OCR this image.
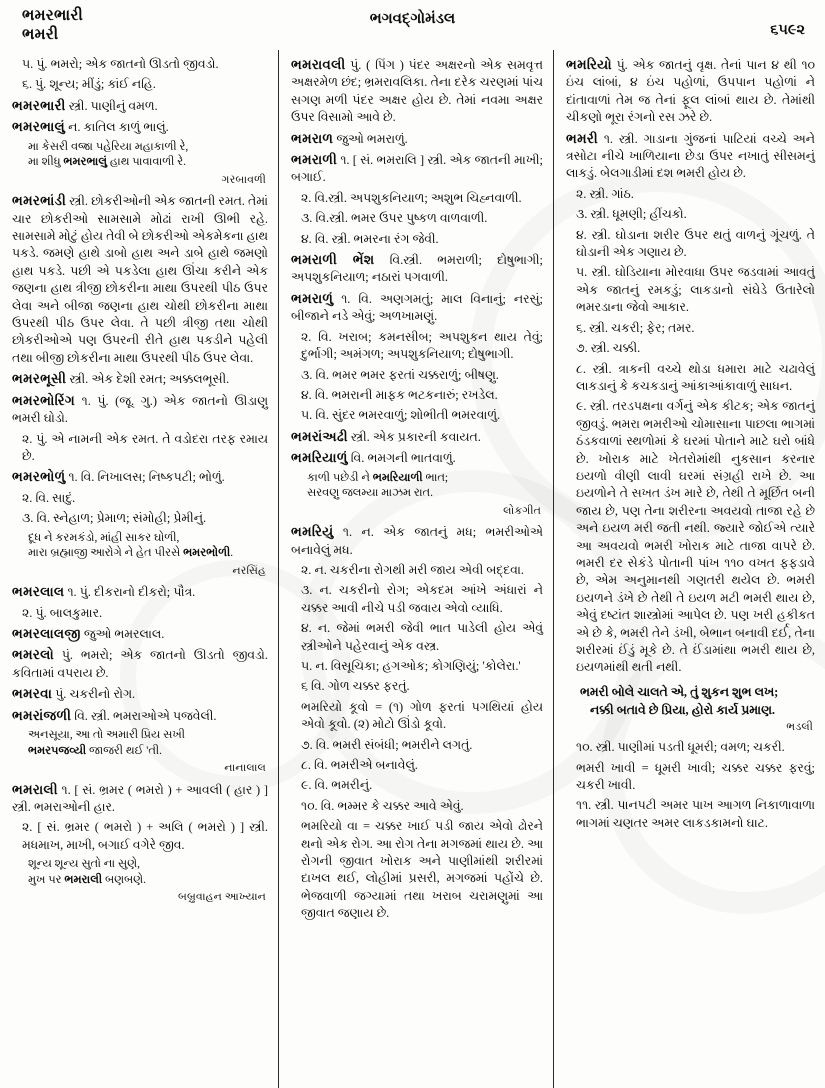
ભમરભારી
ભમરી
ભગવદ્‌ગોમંડલ
૬૫૯૨

૫. પું. ભમરો; એક જાતનો ઊડતો જીવડો.

૬. પું. શૂન્ય; મીંડું; કાંઈ નહિ.

ભમરભારી સ્ત્રી. પાણીનું વમળ.

ભમરભાલું ન. કાતિલ કાળું ભાલું.

મા કેસરી વજ્રા પહેરિયા મહાકાળી રે,
મા શીધુ ભમરભાલું હાથ પાવાવાળી રે.
ગરબાવળી

ભમરભાંડી સ્ત્રી. છોકરીઓની એક જાતની રમત. તેમાં ચાર છોકરીઓ સામસામે મોઢાં રાખી ઊભી રહે. સામસામે મોટું હોય તેવી બે છોકરીઓ એકમેકના હાથ પકડે. જમણે હાથે ડાબો હાથ અને ડાબે હાથે જમણો હાથ પકડે. પછી એ પકડેલા હાથ ઊંચા કરીને એક જણના હાથ ત્રીજી છોકરીના માથા ઉપરથી પીઠ ઉપર લેવા અને બીજા જણના હાથ ચોથી છોકરીના માથા ઉપરથી પીઠ ઉપર લેવા. તે પછી ત્રીજી તથા ચોથી છોકરીઓએ પણ ઉપરની રીતે હાથ પકડીને પહેલી તથા બીજી છોકરીના માથા ઉપરથી પીઠ ઉપર લેવા.

ભમરભૂસી સ્ત્રી. એક દેશી રમત; અક્કલભૂસી.

ભમરભોરિંગ ૧. પું. (જૂ. ગુ.) એક જાતનો ઊડાણુ ભમરી ઘોડો.

૨. પું. એ નામની એક રમત. તે વડોદરા તરફ રમાય છે.

ભમરભોળું ૧. વિ. નિખાલસ; નિષ્કપટી; ભોળું.

૨. વિ. સાદું.

૩. વિ. સ્નેહાળ; પ્રેમાળ; સંમોહી; પ્રેમીનું.

દૂધ ને કરમકંડો, માંહી સાકર ઘોળી,
મારા બ્રહ્માજી આરોગે ને હેત પીરસે ભમરભોળી.
નરસિંહ

ભમરલાલ ૧. પું. દીકરાનો દીકરો; પૌત્ર.

૨. પું. બાલકુમાર.

ભમરલાલજી જુઓ ભમરલાલ.

ભમરલો પું. ભમરો; એક જાતનો ઊડતો જીવડો. કવિતામાં વપરાય છે.

ભમરવા પું. ચકરીનો રોગ.

ભમરાંજળી વિ. સ્ત્રી. ભમરાઓએ પજવેલી.

અનસૂયા, આ તો અમારી પ્રિય સખી
ભમરપજવ્યી જાજરી થઈ 'તી.
નાનાલાલ

ભમરાલી ૧. [ સં. ભ્રમર ( ભમરો ) + આવલી ( હાર ) ] સ્ત્રી. ભમરાઓની હાર.

૨. [ સં. ભ્રમર ( ભમરો ) + અલિ ( ભમરો ) ] સ્ત્રી. મધમાખ, માખી, બગાઈ વગેરે જીવ.

શૂન્ય શૂન્ય સુતો ના સુણે,
મુખ પર ભમરાલી બણબણે.
બબ્રુવાહન આખ્યાન

ભમરાવલી પું. ( પિંગ ) પંદર અક્ષરનો એક સમવૃત્ત અક્ષરમેળ છંદ; ભ્રમરાવલિકા. તેના દરેક ચરણમાં પાંચ સગણ મળી પંદર અક્ષર હોય છે. તેમાં નવમા અક્ષર ઉપર વિસામો આવે છે.

ભમરાળ જુઓ ભમરાળું.

ભમરાળી ૧. [ સં. ભમરાલિ ] સ્ત્રી. એક જાતની માખી; બગાઈ.

૨. વિ.સ્ત્રી. અપશુકનિયાળ; અશુભ ચિહ્નવાળી.

૩. વિ.સ્ત્રી. ભમર ઉપર પુષ્કળ વાળવાળી.

૪. વિ. સ્ત્રી. ભમરના રંગ જેવી.

ભમરાળી ભેંશ વિ.સ્ત્રી. ભમરાળી; દોષુભાગી; અપશુકનિયાળ; નઠારાં પગવાળી.

ભમરાળું ૧. વિ. અણગમતું; માલ વિનાનું; નરસું; બીજાને નડે એવું; અળખામણું.

૨. વિ. ખરાબ; કમનસીબ; અપશુકન થાય તેવું; દુર્ભાગી; અમંગળ; અપશુકનિયાળ; દોષુભાગી.

૩. વિ. ભમર ભમર ફરતાં ચક્કરાળું; બીષણુ.

૪. વિ. ભમરાની માફક ભટકનારું; રખડેલ.

૫. વિ. સુંદર ભમરવાળું; શોભીતી ભમરવાળું.

ભમરાંઅઢી સ્ત્રી. એક પ્રકારની કવાયત.

ભમરિયાળું વિ. ભમગની ભાતવાળું.

કાળી પછેડી ને ભમરિયાળી ભાત;
સરવણુ જલમ્યા માઝમ રાત.
લોકગીત

ભમરિયું ૧. ન. એક જાતનું મધ; ભમરીઓએ બનાવેલું મધ.

૨. ન. ચકરીના રોગથી મરી જાય એવી બદ્દવા.

૩. ન. ચકરીનો રોગ; એકદમ આંખે અંધારાં ને ચક્કર આવી નીચે પડી જવાય એવો વ્યાધિ.

૪. ન. જેમાં ભમરી જેવી ભાત પાડેલી હોય એવું સ્ત્રીઓને પહેરવાનું એક વસ્ત્ર.

૫. ન. વિસૂચિકા; હગઓક; કોગણિયું; 'કોલેરા.'

૬ વિ. ગોળ ચક્કર ફરતું.

ભમરિયો કૂવો = (૧) ગોળ ફરતાં પગથિયાં હોય એવો કૂવો. (૨) મોટો ઊંડો કૂવો.

૭. વિ. ભમરી સંબંધી; ભમરીને લગતું.

૮. વિ. ભમરીએ બનાવેલું.

૯. વિ. ભમરીનું.

૧૦. વિ. ભમ્મર કે ચક્કર આવે એવું.

ભમરિયો વા = ચક્કર ખાઈ પડી જાય એવો ઢોરને થનો એક રોગ. આ રોગ તેના મગજમાં થાય છે. આ રોગની જીવાત ખોરાક અને પાણીમાંથી શરીરમાં દાખલ થઈ, લોહીમાં પ્રસરી, મગજમાં પહોંચે છે. ભેજવાળી જગ્યામાં તથા ખરાબ ચરામણુમાં આ જીવાત જણાય છે.

ભમરિયો પું. એક જાતનું વૃક્ષ. તેનાં પાન ૪ થી ૧૦ ઇંચ લાંબાં, ૪ ઇંચ પહોળાં, ઉપપાન પહોળાં ને દાંતાવાળાં તેમ જ તેનાં ફૂલ લાંબાં થાય છે. તેમાંથી ચીકણો ભૂરા રંગનો રસ ઝરે છે.

ભમરી ૧. સ્ત્રી. ગાડાના ગુંજનાં પાટિયાં વચ્ચે અને ત્રસોટા નીચે ખાળિયાના છેડા ઉપર નખાતું સીસમનું લાકડું. બેલગાડીમાં દશ ભમરી હોય છે.

૨. સ્ત્રી. ગાંઠ.

૩. સ્ત્રી. ધૂમણી; હીંચકો.

૪. સ્ત્રી. ઘોડાના શરીર ઉપર થતું વાળનું ગૂંચળું. તે ઘોડાની એક ગણાય છે.

૫. સ્ત્રી. ઘોડિયાના મોરવાધા ઉપર જડવામાં આવતું એક જાતનું રમકડું; લાકડાનો સંઘેડે ઉતારેલો ભમરડાના જેવો આકાર.

૬. સ્ત્રી. ચકરી; ફેર; તમર.

૭. સ્ત્રી. ચક્કી.

૮. સ્ત્રી. ત્રાકની વચ્ચે થોડા ધમારા માટે ચઢાવેલું લાકડાનું કે કચકડાનું આંકાઆંકાવાળું સાધન.

૯. સ્ત્રી. તરડપક્ષના વર્ગનું એક કીટક; એક જાતનું જીવડું. ભમરા ભમરીઓ ચોમાસાના પાછલા ભાગમાં ઠંડકવાળાં સ્થળોમાં કે ઘરમાં પોતાને માટે ઘરો બાંધે છે. ખોરાક માટે ખેતરોમાંથી નુકસાન કરનાર ઇયળો વીણી લાવી ઘરમાં સંગ્રહી રાખે છે. આ ઇયળોને તે સખત ડંખ મારે છે, તેથી તે મૂર્છિત બની જાય છે, પણ તેના શરીરના અવયવો તાજા રહે છે અને ઇયળ મરી જતી નથી. જ્યારે જોઈએ ત્યારે આ અવયવો ભમરી ખોરાક માટે તાજા વાપરે છે. ભમરી દર સેકંડે પોતાની પાંખ ૧૧૦ વખત ફફડાવે છે, એમ અનુમાનથી ગણતરી થયેલ છે. ભમરી ઇયળને ડંખે છે તેથી તે ઇયળ મટી ભમરી થાય છે, એવું દષ્ટાંત શાસ્ત્રોમાં આપેલ છે. પણ ખરી હકીકત એ છે કે, ભમરી તેને ડંખી, બેભાન બનાવી દર્ઈ, તેના શરીરમાં ઈંડું મૂકે છે. તે ઈંડામાંથા ભમરી થાય છે, ઇયળમાંથી થતી નથી.

ભમરી બોલે ચાલતે એ, તું શુકન શુભ લખ;
નક્કી બતાવે છે પ્રિયા, હોરો કાર્ય પ્રમાણ.
ભડલી

૧૦. સ્ત્રી. પાણીમાં પડતી ધૂમરી; વમળ; ચકરી.

ભમરી ખાવી = ધૂમરી ખાવી; ચક્કર ચક્કર ફરવું; ચકરી ખાવી.

૧૧. સ્ત્રી. પાનપટી અમર પાખ આગળ નિકાળાવાળા ભાગમાં ચણતર અમર લાકડકામનો ઘાટ.
